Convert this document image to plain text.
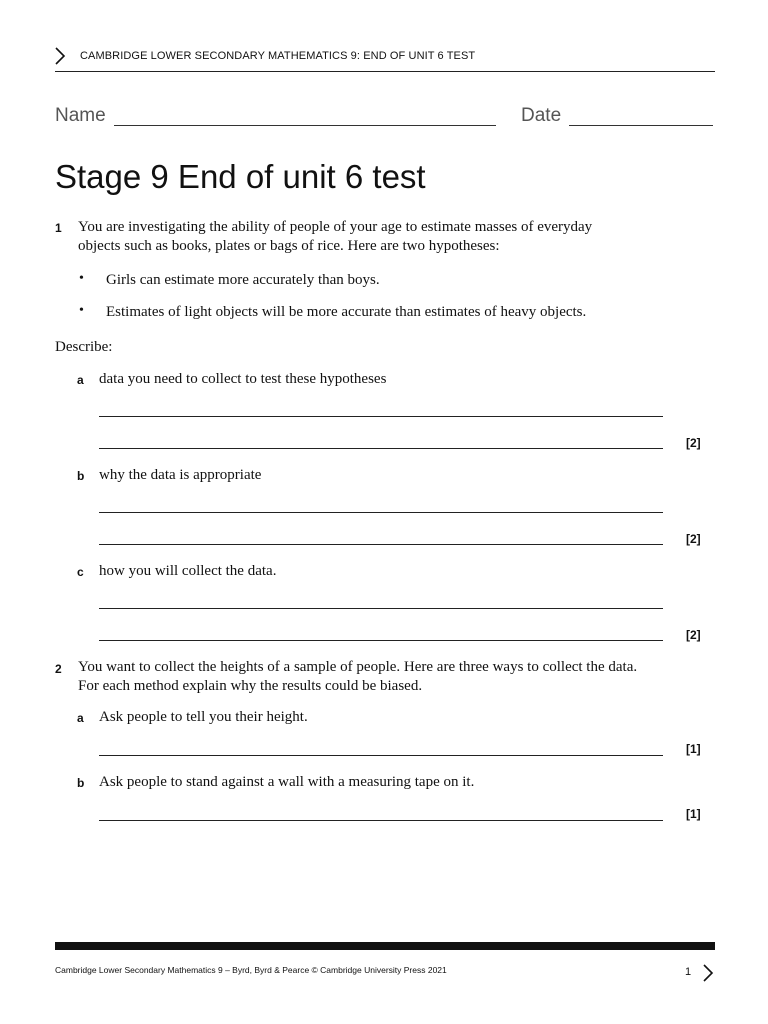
CAMBRIDGE LOWER SECONDARY MATHEMATICS 9: END OF UNIT 6 TEST
Name	Date
Stage 9 End of unit 6 test
1 You are investigating the ability of people of your age to estimate masses of everyday
objects such as books, plates or bags of rice. Here are two hypotheses:
• Girls can estimate more accurately than boys.
• Estimates of light objects will be more accurate than estimates of heavy objects.
Describe:
a data you need to collect to test these hypotheses
[2]
b why the data is appropriate
[2]
c how you will collect the data.
[2]
2 You want to collect the heights of a sample of people. Here are three ways to collect the data.
For each method explain why the results could be biased.
a Ask people to tell you their height.
[1]
b Ask people to stand against a wall with a measuring tape on it.
[1]
Cambridge Lower Secondary Mathematics 9 – Byrd, Byrd & Pearce © Cambridge University Press 2021	1
